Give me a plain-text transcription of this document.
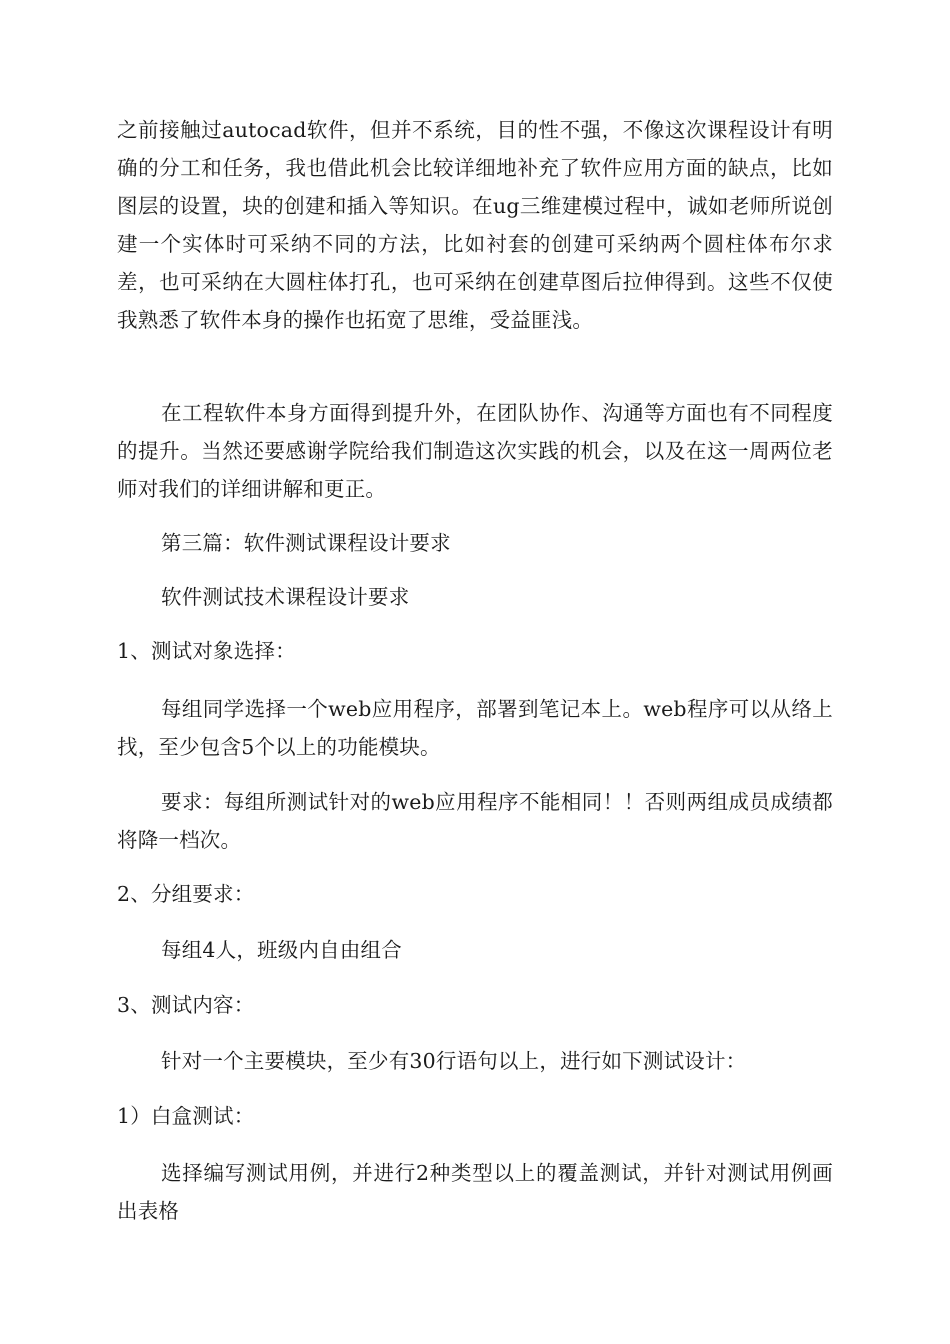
之前接触过autocad软件，但并不系统，目的性不强，不像这次课程设计有明确的分工和任务，我也借此机会比较详细地补充了软件应用方面的缺点，比如图层的设置，块的创建和插入等知识。在ug三维建模过程中，诚如老师所说创建一个实体时可采纳不同的方法，比如衬套的创建可采纳两个圆柱体布尔求差，也可采纳在大圆柱体打孔，也可采纳在创建草图后拉伸得到。这些不仅使我熟悉了软件本身的操作也拓宽了思维，受益匪浅。

在工程软件本身方面得到提升外，在团队协作、沟通等方面也有不同程度的提升。当然还要感谢学院给我们制造这次实践的机会，以及在这一周两位老师对我们的详细讲解和更正。

第三篇：软件测试课程设计要求

软件测试技术课程设计要求

1、测试对象选择：

每组同学选择一个web应用程序，部署到笔记本上。web程序可以从络上找，至少包含5个以上的功能模块。

要求：每组所测试针对的web应用程序不能相同！！否则两组成员成绩都将降一档次。

2、分组要求：

每组4人，班级内自由组合

3、测试内容：

针对一个主要模块，至少有30行语句以上，进行如下测试设计：

1）白盒测试：

选择编写测试用例，并进行2种类型以上的覆盖测试，并针对测试用例画出表格
